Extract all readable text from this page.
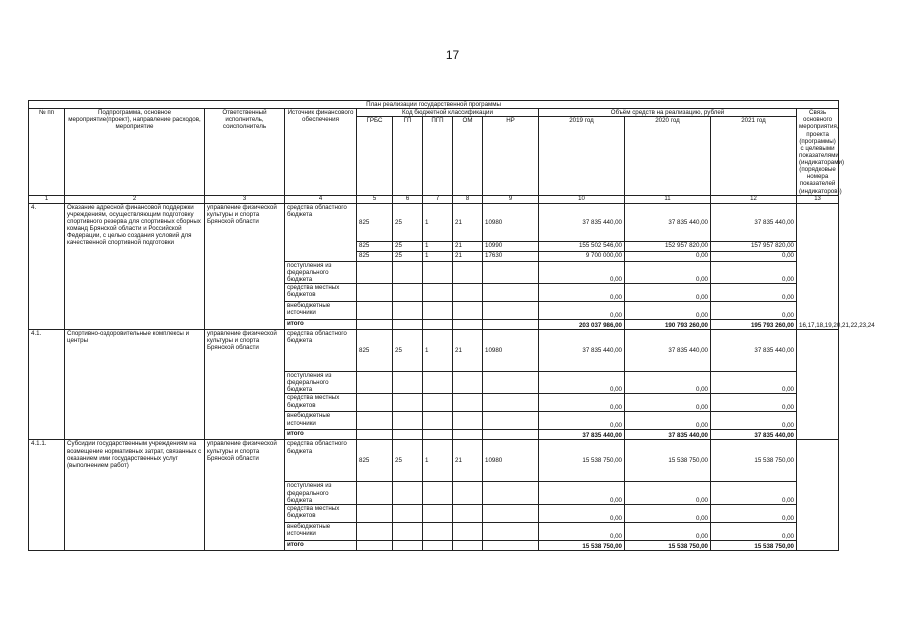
17
План реализации государственной программы												
№ пп	Подпрограмма, основное мероприятие(проект), направление расходов, мероприятие	Ответственный исполнитель, соисполнитель	Источник финансового обеспечения	Код бюджетной классификации					Объём средств на реализацию, рублей			Связь основного мероприятия, проекта (программы) с целевыми показателями (индикаторами) (порядковые номера показателей (индикаторов))
				ГРБС	ГП	ПГП	ОМ	НР	2019 год	2020 год	2021 год	
1	2	3	4	5	6	7	8	9	10	11	12	13
4.	Оказание адресной финансовой поддержки учреждениям, осуществляющим подготовку спортивного резерва для спортивных сборных команд Брянской области и Российской Федерации, с целью создания условий для качественной спортивной подготовки	управление физической культуры и спорта Брянской области	средства областного бюджета	825	25	1	21	10980	37 835 440,00	37 835 440,00	37 835 440,00	16,17,18,19,20,21,22,23,24
				825	25	1	21	10990	155 502 546,00	152 957 820,00	157 957 820,00	
				825	25	1	21	17630	9 700 000,00	0,00	0,00	
			поступления из федерального бюджета						0,00	0,00	0,00	
			средства местных бюджетов						0,00	0,00	0,00	
			внебюджетные источники						0,00	0,00	0,00	
			итого						203 037 986,00	190 793 260,00	195 793 260,00	
4.1.	Спортивно-оздоровительные комплексы и центры	управление физической культуры и спорта Брянской области	средства областного бюджета	825	25	1	21	10980	37 835 440,00	37 835 440,00	37 835 440,00	
			поступления из федерального бюджета						0,00	0,00	0,00	
			средства местных бюджетов						0,00	0,00	0,00	
			внебюджетные источники						0,00	0,00	0,00	
			итого						37 835 440,00	37 835 440,00	37 835 440,00	
4.1.1.	Субсидии государственным учреждениям на возмещение нормативных затрат, связанных с оказанием ими государственных услуг (выполнением работ)	управление физической культуры и спорта Брянской области	средства областного бюджета	825	25	1	21	10980	15 538 750,00	15 538 750,00	15 538 750,00	
			поступления из федерального бюджета						0,00	0,00	0,00	
			средства местных бюджетов						0,00	0,00	0,00	
			внебюджетные источники						0,00	0,00	0,00	
			итого						15 538 750,00	15 538 750,00	15 538 750,00	
